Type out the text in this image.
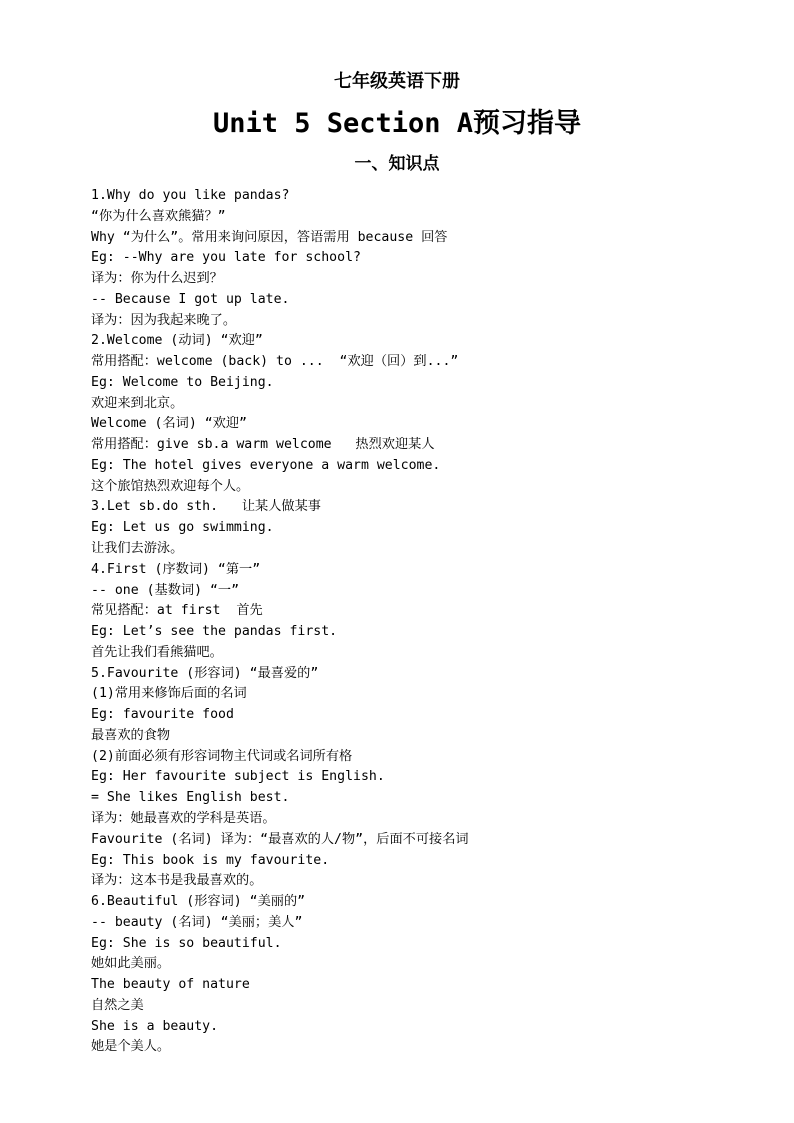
七年级英语下册
Unit 5 Section A预习指导
一、知识点
1.Why do you like pandas?
“你为什么喜欢熊猫？”
Why “为什么”。常用来询问原因，答语需用 because 回答
Eg: --Why are you late for school?
译为：你为什么迟到？
-- Because I got up late.
译为：因为我起来晚了。
2.Welcome (动词) “欢迎”
常用搭配：welcome (back) to ...  “欢迎（回）到...”
Eg: Welcome to Beijing.
欢迎来到北京。
Welcome (名词) “欢迎”
常用搭配：give sb.a warm welcome   热烈欢迎某人
Eg: The hotel gives everyone a warm welcome.
这个旅馆热烈欢迎每个人。
3.Let sb.do sth.   让某人做某事
Eg: Let us go swimming.
让我们去游泳。
4.First (序数词) “第一”
-- one (基数词) “一”
常见搭配：at first  首先
Eg: Let’s see the pandas first.
首先让我们看熊猫吧。
5.Favourite (形容词) “最喜爱的”
(1)常用来修饰后面的名词
Eg: favourite food
最喜欢的食物
(2)前面必须有形容词物主代词或名词所有格
Eg: Her favourite subject is English.
= She likes English best.
译为：她最喜欢的学科是英语。
Favourite (名词) 译为：“最喜欢的人/物”，后面不可接名词
Eg: This book is my favourite.
译为：这本书是我最喜欢的。
6.Beautiful (形容词) “美丽的”
-- beauty (名词) “美丽；美人”
Eg: She is so beautiful.
她如此美丽。
The beauty of nature
自然之美
She is a beauty.
她是个美人。
